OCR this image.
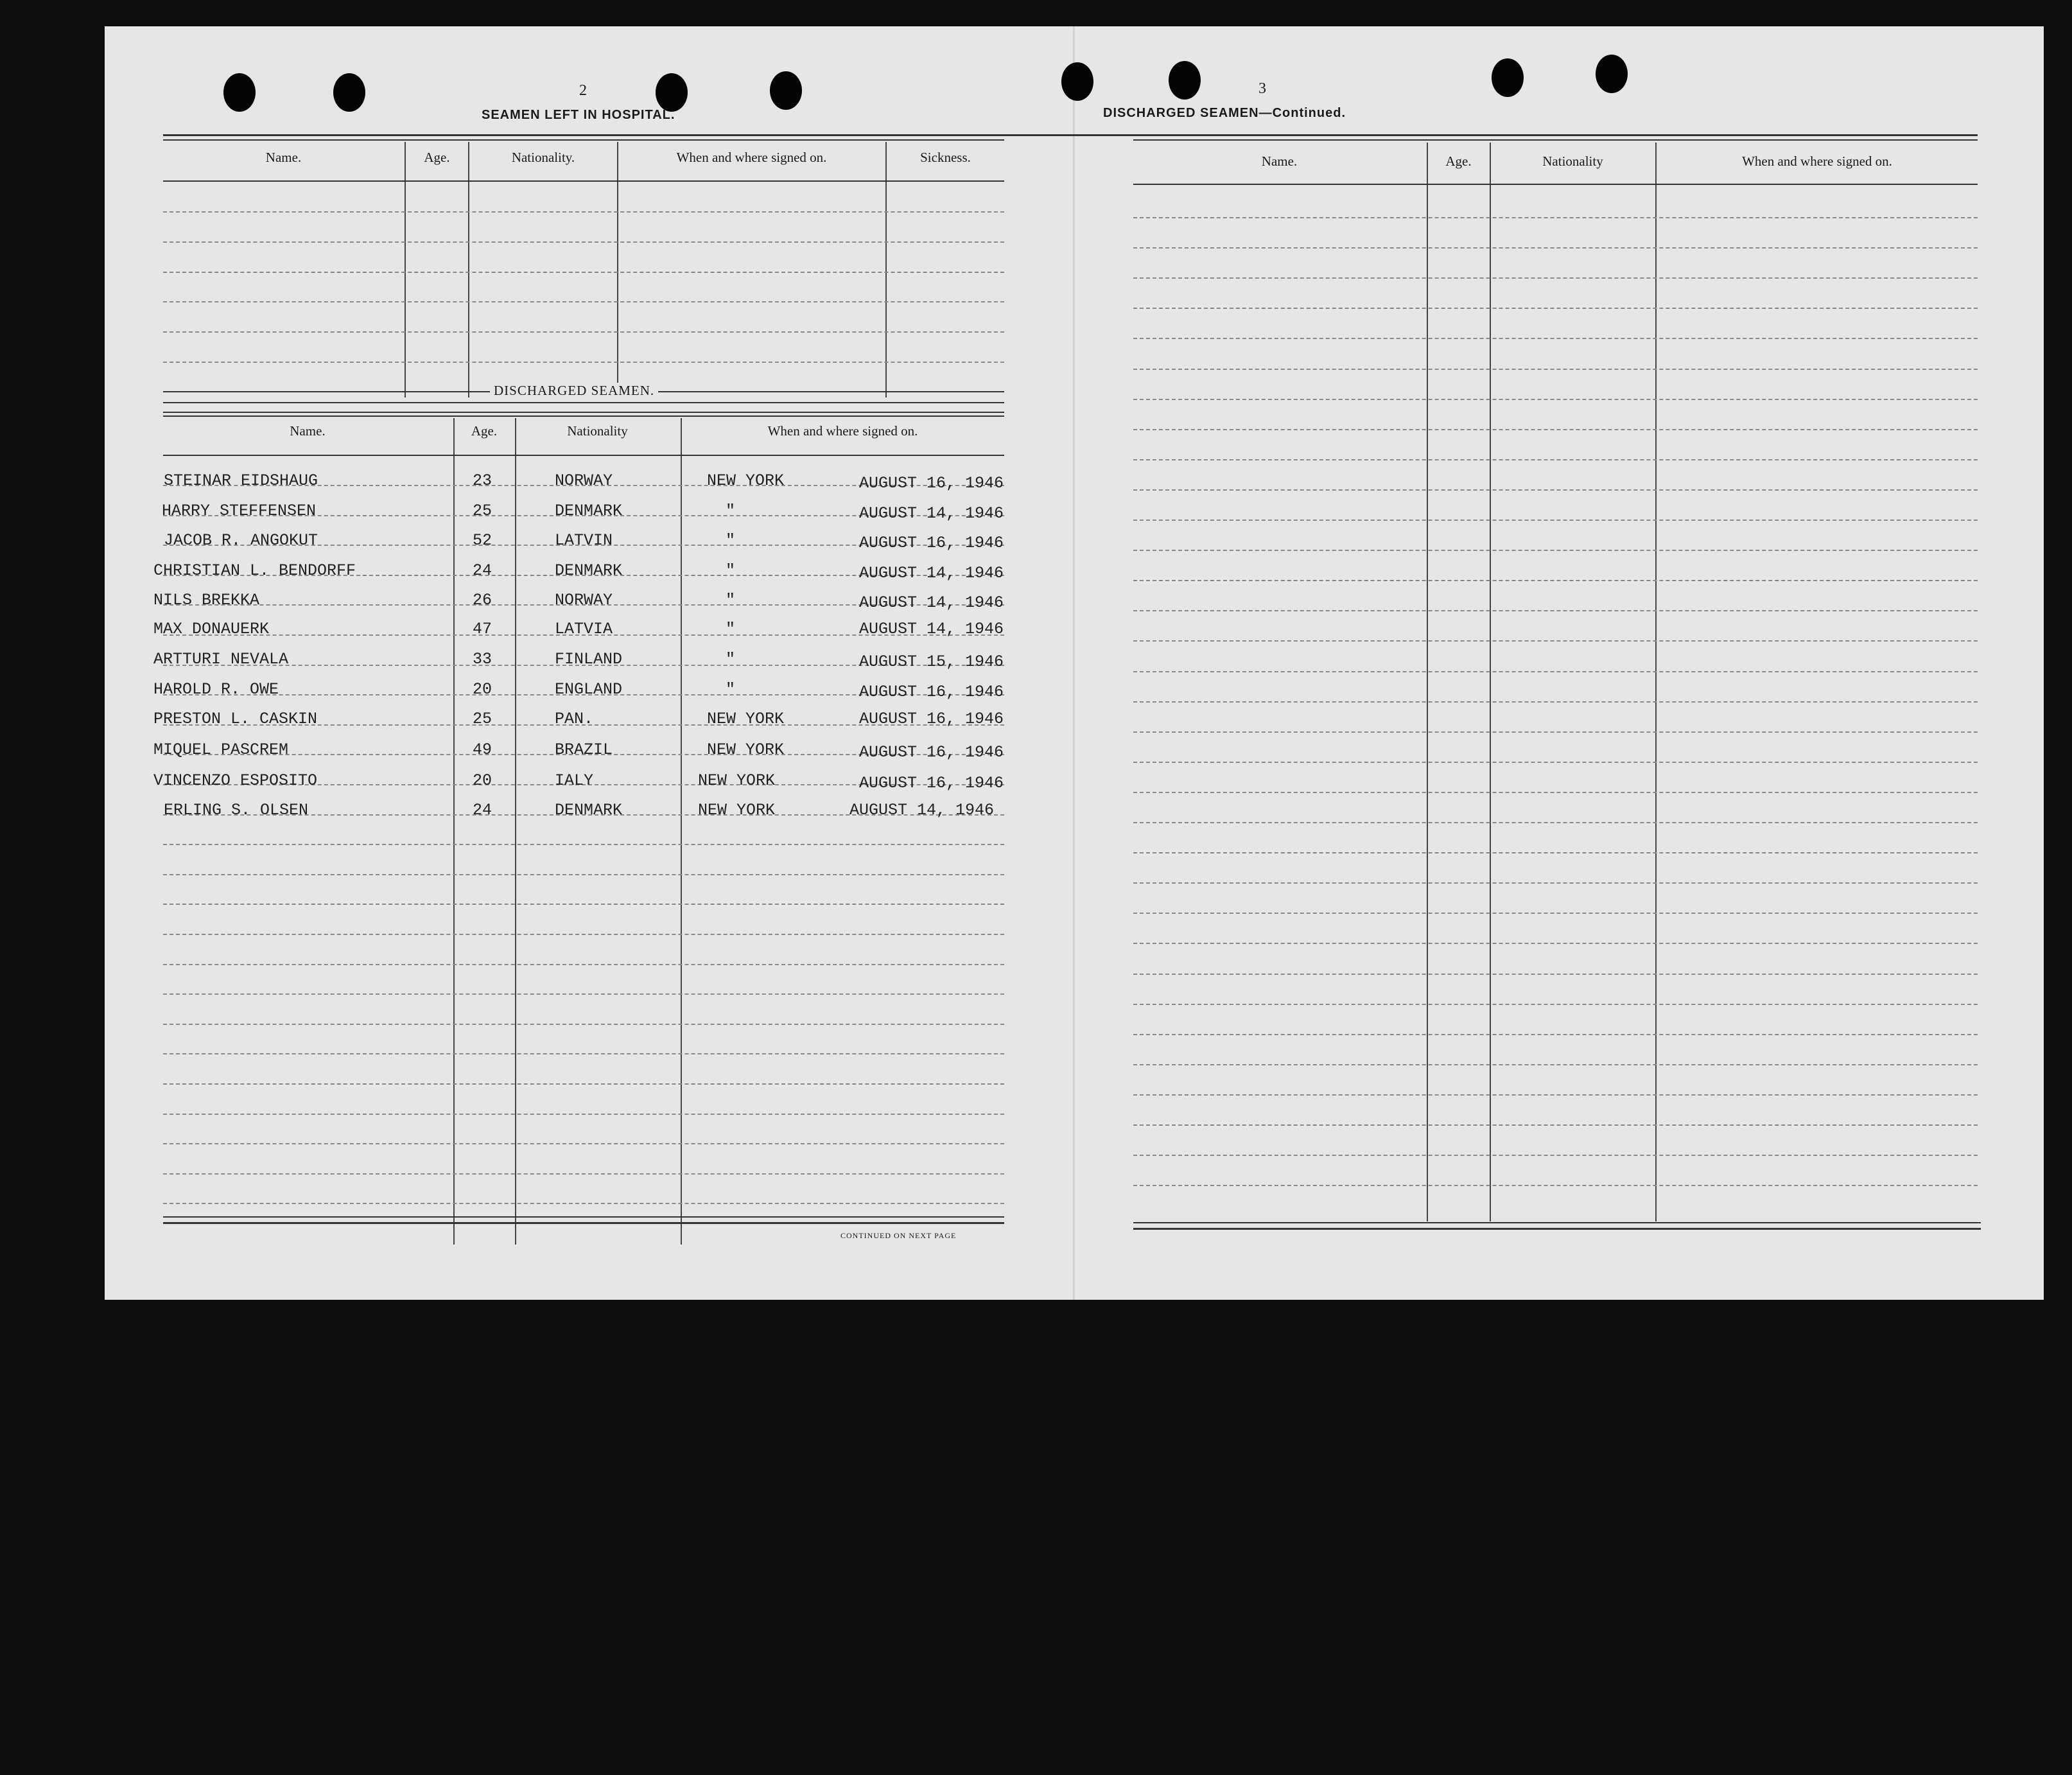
2
SEAMEN LEFT IN HOSPITAL.
Name.	Age.	Nationality.	When and where signed on.	Sickness.
DISCHARGED SEAMEN.
Name.	Age.	Nationality	When and where signed on.
STEINAR EIDSHAUG	23	NORWAY	NEW YORK	AUGUST 16, 1946
HARRY STEFFENSEN	25	DENMARK	"	AUGUST 14, 1946
JACOB R. ANGOKUT	52	LATVIN	"	AUGUST 16, 1946
CHRISTIAN L. BENDORFF	24	DENMARK	"	AUGUST 14, 1946
NILS BREKKA	26	NORWAY	"	AUGUST 14, 1946
MAX DONAUERK	47	LATVIA	"	AUGUST 14, 1946
ARTTURI NEVALA	33	FINLAND	"	AUGUST 15, 1946
HAROLD R. OWE	20	ENGLAND	"	AUGUST 16, 1946
PRESTON L. CASKIN	25	PAN.	NEW YORK	AUGUST 16, 1946
MIQUEL PASCREM	49	BRAZIL	NEW YORK	AUGUST 16, 1946
VINCENZO ESPOSITO	20	IALY	NEW YORK	AUGUST 16, 1946
ERLING S. OLSEN	24	DENMARK	NEW YORK	AUGUST 14, 1946
CONTINUED ON NEXT PAGE
3
DISCHARGED SEAMEN—Continued.
Name.	Age.	Nationality	When and where signed on.
